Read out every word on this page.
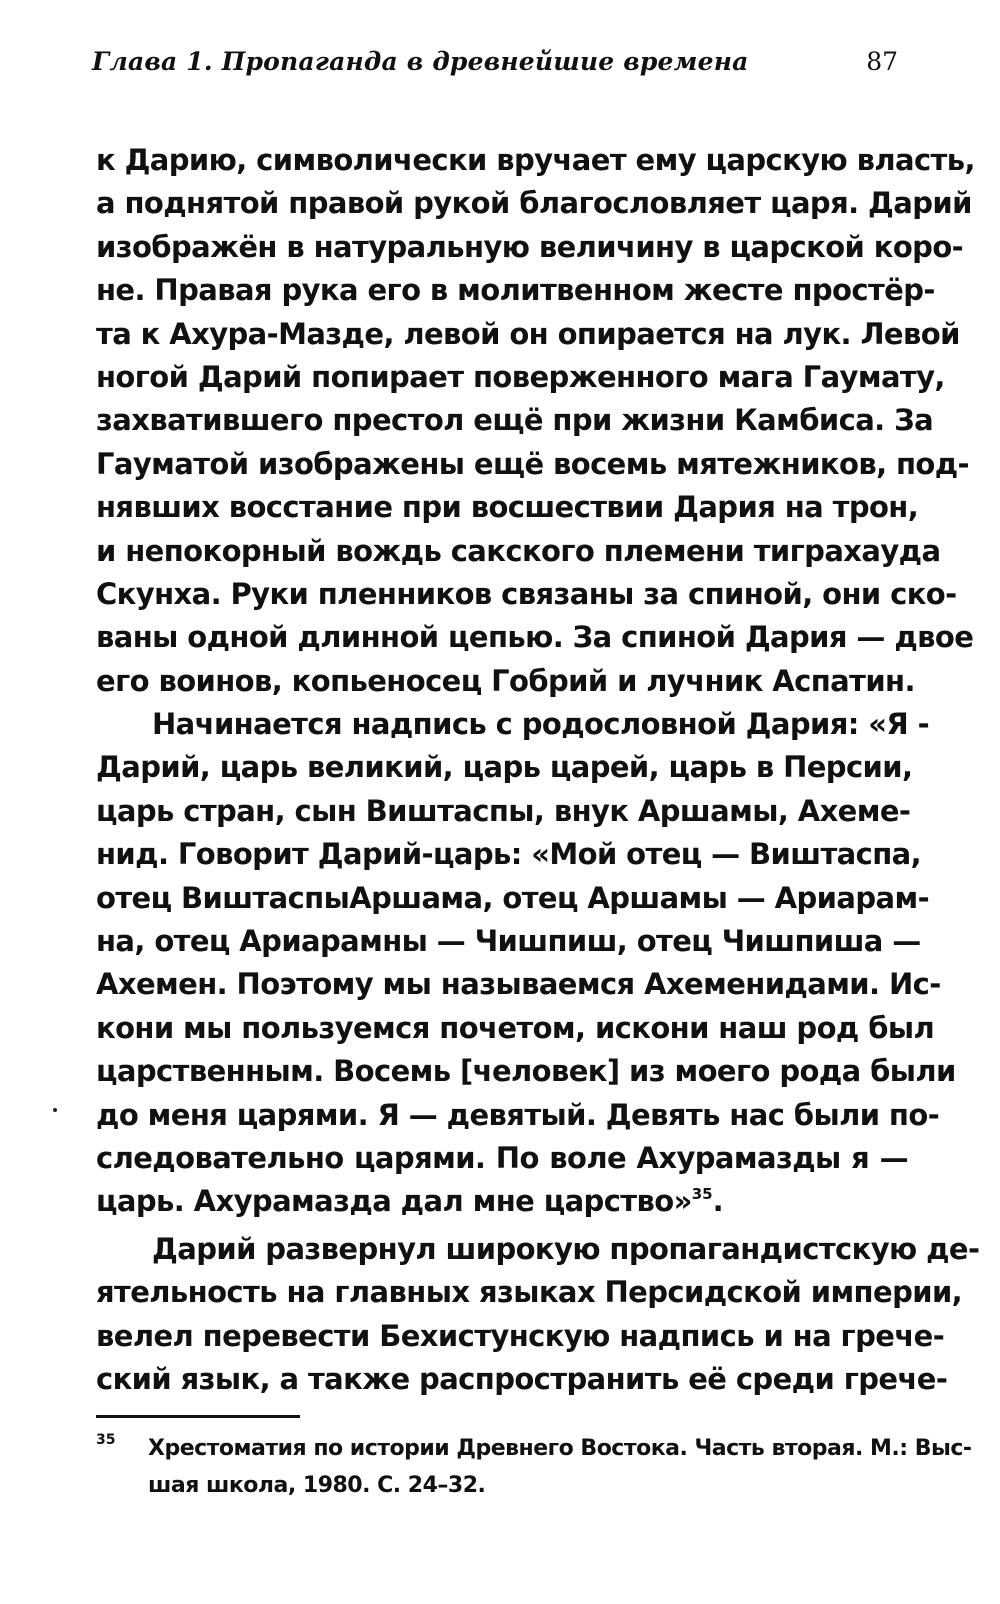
Глава 1. Пропаганда в древнейшие времена	87
к Дарию, символически вручает ему царскую власть,
а поднятой правой рукой благословляет царя. Дарий
изображён в натуральную величину в царской коро-
не. Правая рука его в молитвенном жесте простёр-
та к Ахура-Мазде, левой он опирается на лук. Левой
ногой Дарий попирает поверженного мага Гаумату,
захватившего престол ещё при жизни Камбиса. За
Гауматой изображены ещё восемь мятежников, под-
нявших восстание при восшествии Дария на трон,
и непокорный вождь сакского племени тиграхауда
Скунха. Руки пленников связаны за спиной, они ско-
ваны одной длинной цепью. За спиной Дария — двое
его воинов, копьеносец Гобрий и лучник Аспатин.
Начинается надпись с родословной Дария: «Я -
Дарий, царь великий, царь царей, царь в Персии,
царь стран, сын Виштаспы, внук Аршамы, Ахеме-
нид. Говорит Дарий-царь: «Мой отец — Виштаспа,
отец ВиштаспыАршама, отец Аршамы — Ариарам-
на, отец Ариарамны — Чишпиш, отец Чишпиша —
Ахемен. Поэтому мы называемся Ахеменидами. Ис-
кони мы пользуемся почетом, искони наш род был
царственным. Восемь [человек] из моего рода были
до меня царями. Я — девятый. Девять нас были по-
следовательно царями. По воле Ахурамазды я —
царь. Ахурамазда дал мне царство»$^{35}$.
Дарий развернул широкую пропагандистскую де-
ятельность на главных языках Персидской империи,
велел перевести Бехистунскую надпись и на грече-
ский язык, а также распространить её среди грече-
35 Хрестоматия по истории Древнего Востока. Часть вторая. М.: Выс-
шая школа, 1980. С. 24–32.
